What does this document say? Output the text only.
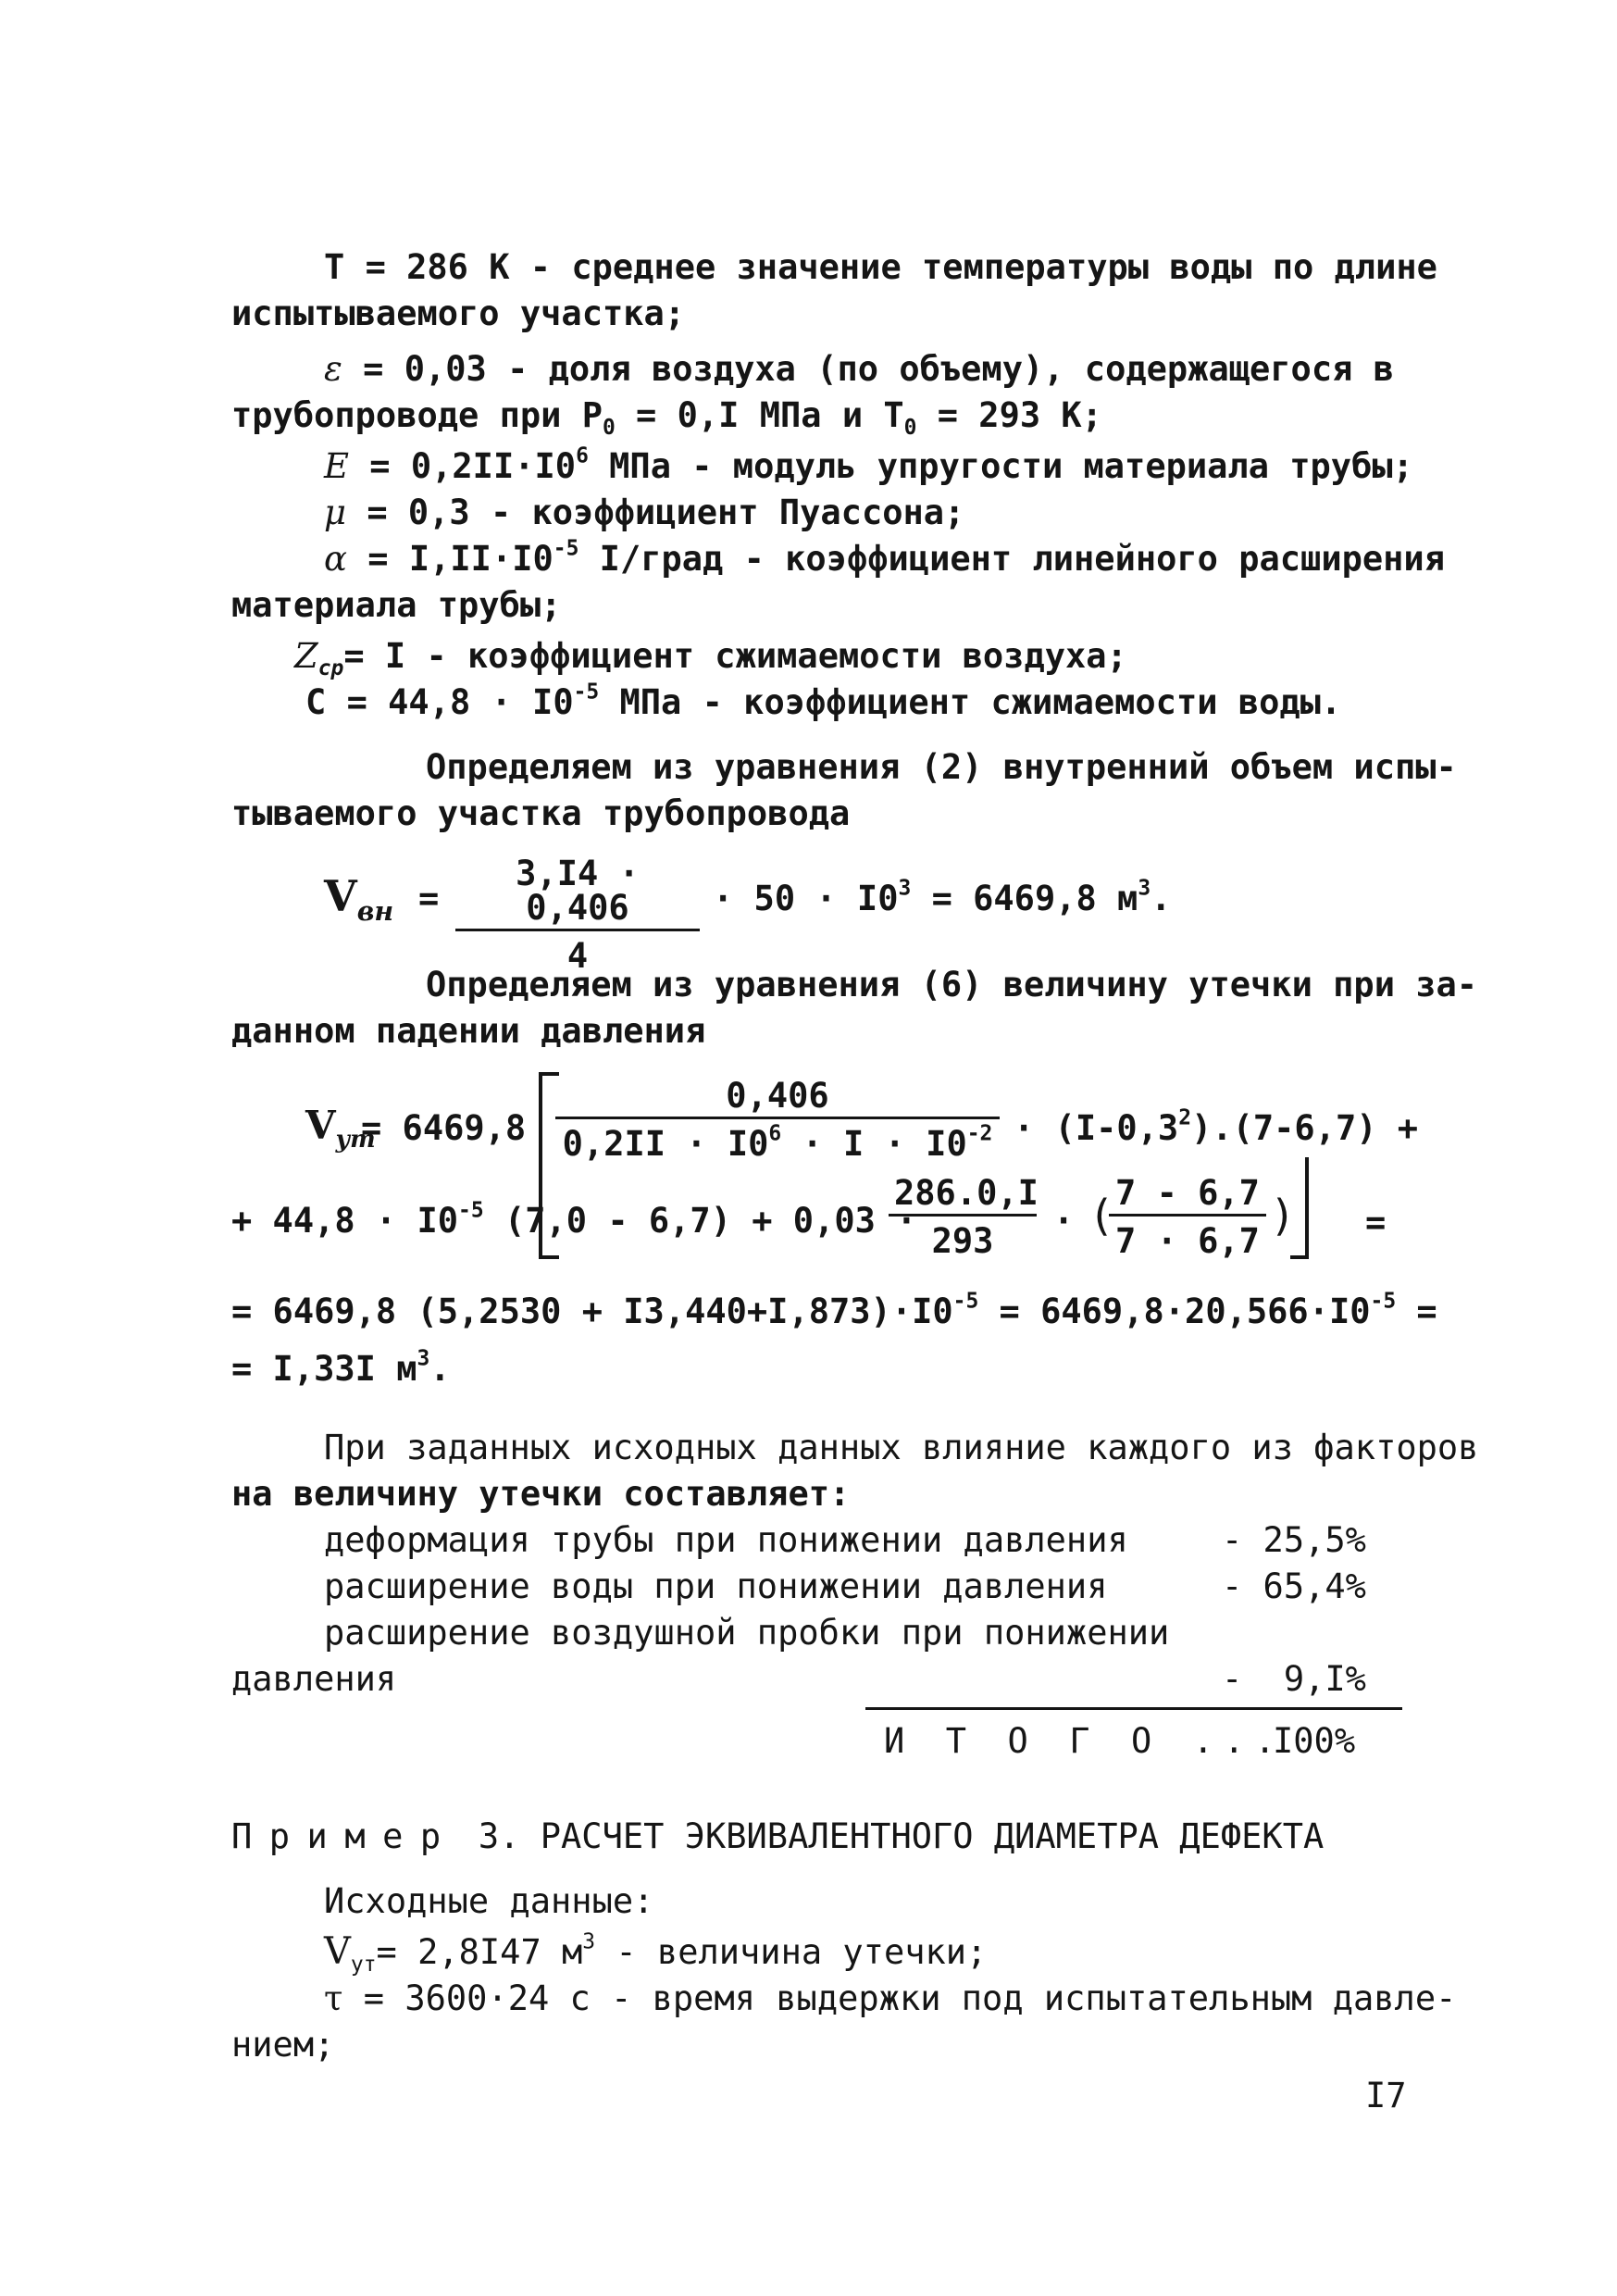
T = 286 К - среднее значение температуры воды по длине
испытываемого участка;
ε = 0,03 - доля воздуха (по объему), содержащегося в
трубопроводе при $P_0 = 0,I$ МПа и $T_0 = 293$ К;
$E = 0,2II\cdot I0^6$ МПа - модуль упругости материала трубы;
μ = 0,3 - коэффициент Пуассона;
$\alpha = I,II\cdot I0^{-5}$ I/град - коэффициент линейного расширения
материала трубы;
$Z_{ср}= I$ - коэффициент сжимаемости воздуха;
$C = 44,8 \cdot I0^{-5}$ МПа - коэффициент сжимаемости воды.
Определяем из уравнения (2) внутренний объем испы-
тываемого участка трубопровода
$V_{вн} = \frac{3,I4 \cdot 0,406}{4} \cdot 50 \cdot I0^3 = 6469,8$ $м^3$.
Определяем из уравнения (6) величину утечки при за-
данном падении давления
$V_{ут}$
= $6469,8 \frac{0,406}{0,2II \cdot I0^6 \cdot I \cdot I0^{-2}} \cdot (I-0,3^2).(7-6,7)$ +
+ $44,8 \cdot I0^{-5}$ (7,0 - 6,7) + 0,03 ·
$\frac{286.0,I}{293}$ · (
$\frac{7 - 6,7}{7 \cdot 6,7}$ ) =
= 6469,8 $(5,2530 + I3,440+I,873)\cdot I0^{-5} = 6469,8\cdot 20,566\cdot I0^{-5}$ =
= I,33I $м^3$.
При заданных исходных данных влияние каждого из факторов
на величину утечки составляет:
деформация трубы при понижении давления	- 25,5%
расширение воды при понижении давления	- 65,4%
расширение воздушной пробки при понижении
давления	-  9,I%
И Т О Г О ...
I00%
Пример 3. РАСЧЕТ ЭКВИВАЛЕНТНОГО ДИАМЕТРА ДЕФЕКТА
Исходные данные:
$V_{ут}= 2,8I47$ $м^3$ - величина утечки;
τ = 3600·24 с - время выдержки под испытательным давле-
нием;
I7
